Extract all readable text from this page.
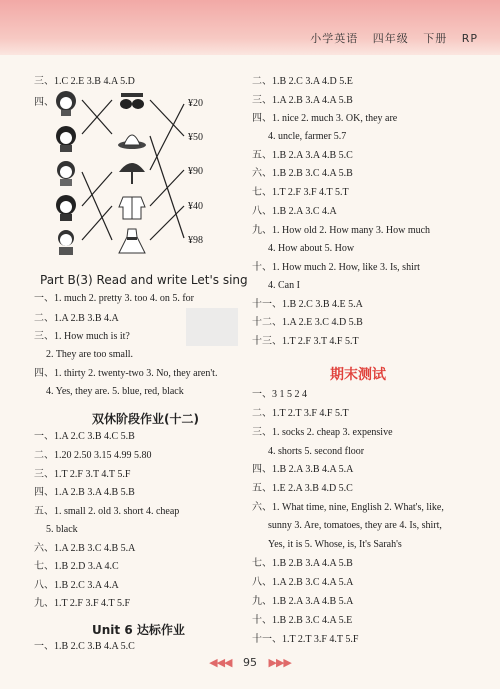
小学英语 四年级 下册 RP
三、1.C 2.E 3.B 4.A 5.D
四、	¥20
¥50
¥90
¥40
¥98
Part B(3) Read and write Let's sing
一、1. much 2. pretty 3. too 4. on 5. for
二、1.A 2.B 3.B 4.A
三、1. How much is it?
2. They are too small.
四、1. thirty 2. twenty-two 3. No, they aren't.
4. Yes, they are. 5. blue, red, black
双休阶段作业(十二)
一、1.A 2.C 3.B 4.C 5.B
二、1.20 2.50 3.15 4.99 5.80
三、1.T 2.F 3.T 4.T 5.F
四、1.A 2.B 3.A 4.B 5.B
五、1. small 2. old 3. short 4. cheap
5. black
六、1.A 2.B 3.C 4.B 5.A
七、1.B 2.D 3.A 4.C
八、1.B 2.C 3.A 4.A
九、1.T 2.F 3.F 4.T 5.F
Unit 6 达标作业
一、1.B 2.C 3.B 4.A 5.C
二、1.B 2.C 3.A 4.D 5.E
三、1.A 2.B 3.A 4.A 5.B
四、1. nice 2. much 3. OK, they are
4. uncle, farmer 5.7
五、1.B 2.A 3.A 4.B 5.C
六、1.B 2.B 3.C 4.A 5.B
七、1.T 2.F 3.F 4.T 5.T
八、1.B 2.A 3.C 4.A
九、1. How old 2. How many 3. How much
4. How about 5. How
十、1. How much 2. How, like 3. Is, shirt
4. Can I
十一、1.B 2.C 3.B 4.E 5.A
十二、1.A 2.E 3.C 4.D 5.B
十三、1.T 2.F 3.T 4.F 5.T
期末测试
一、3 1 5 2 4
二、1.T 2.T 3.F 4.F 5.T
三、1. socks 2. cheap 3. expensive
4. shorts 5. second floor
四、1.B 2.A 3.B 4.A 5.A
五、1.E 2.A 3.B 4.D 5.C
六、1. What time, nine, English 2. What's, like,
sunny 3. Are, tomatoes, they are 4. Is, shirt,
Yes, it is 5. Whose, is, It's Sarah's
七、1.B 2.B 3.A 4.A 5.B
八、1.A 2.B 3.C 4.A 5.A
九、1.B 2.A 3.A 4.B 5.A
十、1.B 2.B 3.C 4.A 5.E
十一、1.T 2.T 3.F 4.T 5.F
◀◀◀ 95 ▶▶▶
